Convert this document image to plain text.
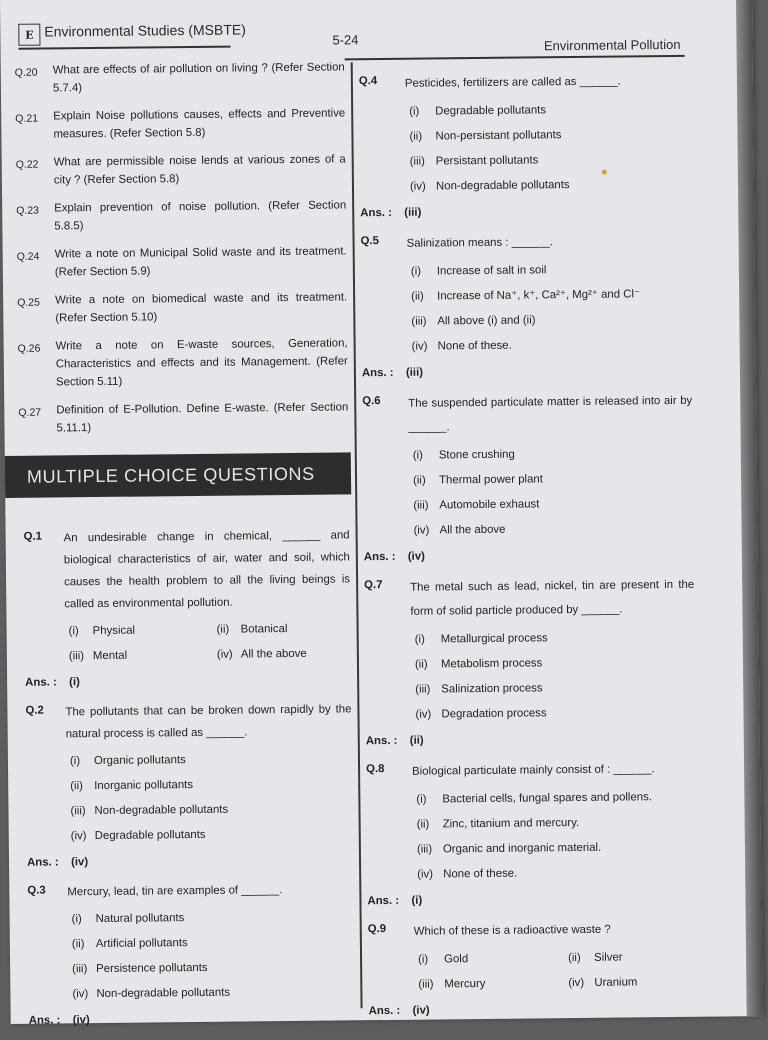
E Environmental Studies (MSBTE)
5-24	Environmental Pollution
Q.20 What are effects of air pollution on living ? (Refer Section 5.7.4)
Q.21 Explain Noise pollutions causes, effects and Preventive measures. (Refer Section 5.8)
Q.22 What are permissible noise lends at various zones of a city ? (Refer Section 5.8)
Q.23 Explain prevention of noise pollution. (Refer Section 5.8.5)
Q.24 Write a note on Municipal Solid waste and its treatment. (Refer Section 5.9)
Q.25 Write a note on biomedical waste and its treatment. (Refer Section 5.10)
Q.26 Write a note on E-waste sources, Generation, Characteristics and effects and its Management. (Refer Section 5.11)
Q.27 Definition of E-Pollution. Define E-waste. (Refer Section 5.11.1)
MULTIPLE CHOICE QUESTIONS
Q.1 An undesirable change in chemical, ______ and biological characteristics of air, water and soil, which causes the health problem to all the living beings is called as environmental pollution.
(i) Physical	(ii) Botanical
(iii) Mental	(iv) All the above
Ans. : (i)
Q.2 The pollutants that can be broken down rapidly by the natural process is called as ______.
(i) Organic pollutants
(ii) Inorganic pollutants
(iii) Non-degradable pollutants
(iv) Degradable pollutants
Ans. : (iv)
Q.3 Mercury, lead, tin are examples of ______.
(i) Natural pollutants
(ii) Artificial pollutants
(iii) Persistence pollutants
(iv) Non-degradable pollutants
Ans. : (iv)
Q.4 Pesticides, fertilizers are called as ______.
(i) Degradable pollutants
(ii) Non-persistant pollutants
(iii) Persistant pollutants
(iv) Non-degradable pollutants
Ans. : (iii)
Q.5 Salinization means : ______.
(i) Increase of salt in soil
(ii) Increase of Na⁺, k⁺, Ca²⁺, Mg²⁺ and Cl⁻
(iii) All above (i) and (ii)
(iv) None of these.
Ans. : (iii)
Q.6 The suspended particulate matter is released into air by ______.
(i) Stone crushing
(ii) Thermal power plant
(iii) Automobile exhaust
(iv) All the above
Ans. : (iv)
Q.7 The metal such as lead, nickel, tin are present in the form of solid particle produced by ______.
(i) Metallurgical process
(ii) Metabolism process
(iii) Salinization process
(iv) Degradation process
Ans. : (ii)
Q.8 Biological particulate mainly consist of : ______.
(i) Bacterial cells, fungal spares and pollens.
(ii) Zinc, titanium and mercury.
(iii) Organic and inorganic material.
(iv) None of these.
Ans. : (i)
Q.9 Which of these is a radioactive waste ?
(i) Gold	(ii) Silver
(iii) Mercury	(iv) Uranium
Ans. : (iv)
